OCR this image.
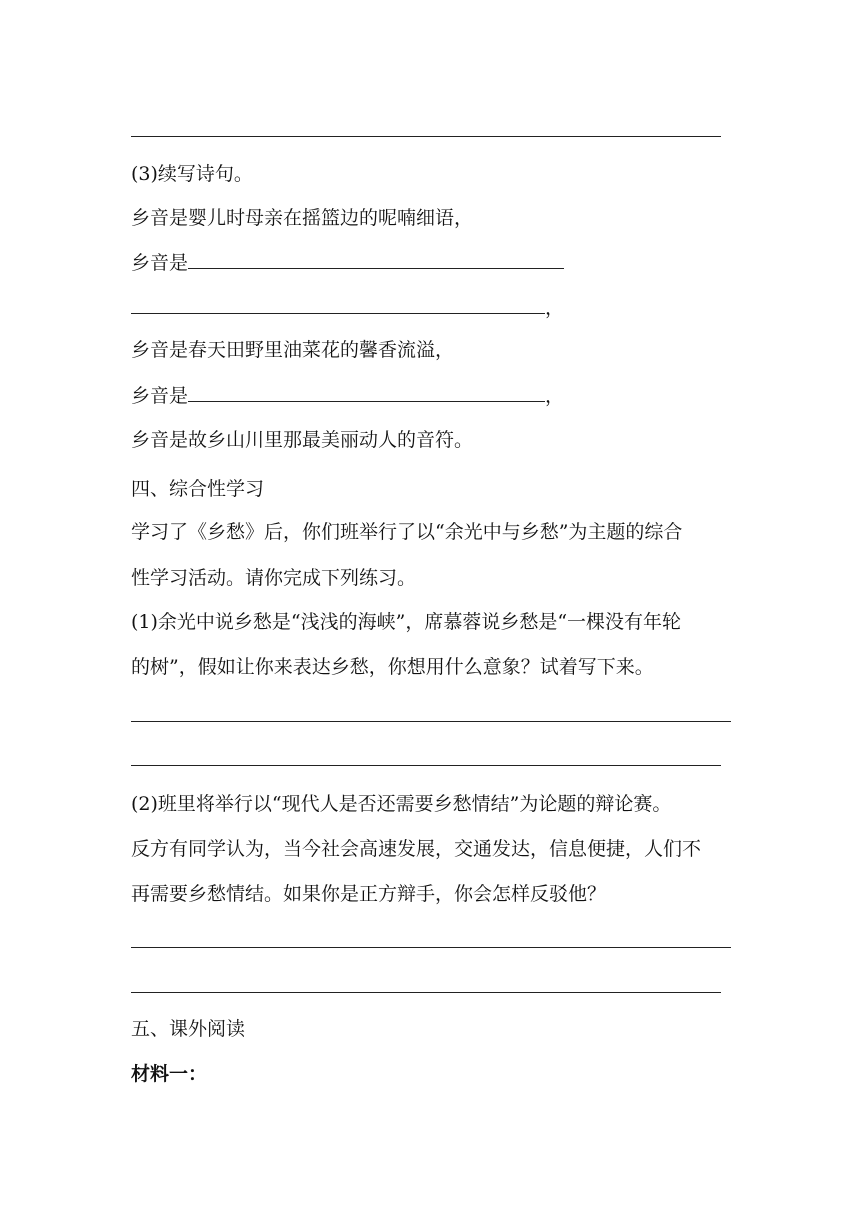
(3)续写诗句。
乡音是婴儿时母亲在摇篮边的呢喃细语，
乡音是
，
乡音是春天田野里油菜花的馨香流溢，
乡音是	，
乡音是故乡山川里那最美丽动人的音符。
四、综合性学习
学习了《乡愁》后，你们班举行了以“余光中与乡愁”为主题的综合
性学习活动。请你完成下列练习。
(1)余光中说乡愁是“浅浅的海峡”，席慕蓉说乡愁是“一棵没有年轮
的树”，假如让你来表达乡愁，你想用什么意象？试着写下来。
(2)班里将举行以“现代人是否还需要乡愁情结”为论题的辩论赛。
反方有同学认为，当今社会高速发展，交通发达，信息便捷，人们不
再需要乡愁情结。如果你是正方辩手，你会怎样反驳他？
五、课外阅读
材料一：
